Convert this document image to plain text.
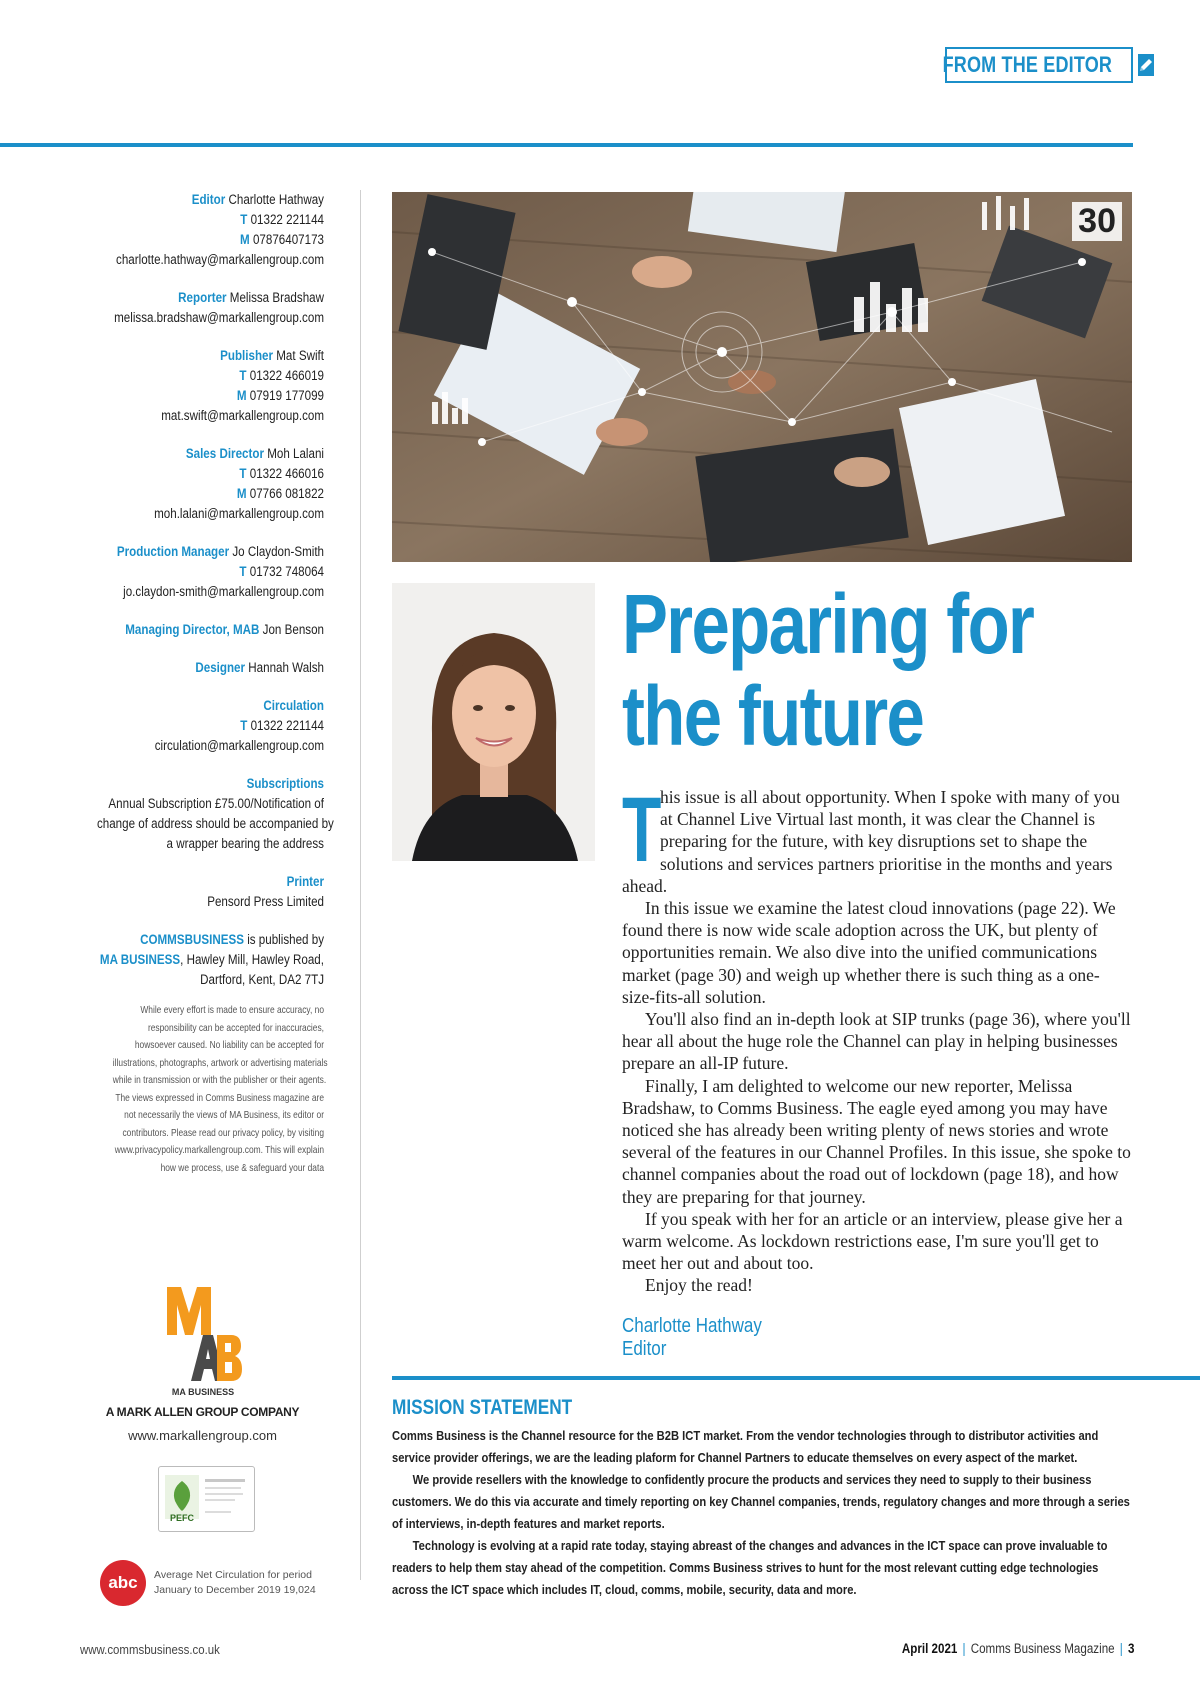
FROM THE EDITOR
Editor Charlotte Hathway
T 01322 221144
M 07876407173
charlotte.hathway@markallengroup.com
Reporter Melissa Bradshaw
melissa.bradshaw@markallengroup.com
Publisher Mat Swift
T 01322 466019
M 07919 177099
mat.swift@markallengroup.com
Sales Director Moh Lalani
T 01322 466016
M 07766 081822
moh.lalani@markallengroup.com
Production Manager Jo Claydon-Smith
T 01732 748064
jo.claydon-smith@markallengroup.com
Managing Director, MAB Jon Benson
Designer Hannah Walsh
Circulation
T 01322 221144
circulation@markallengroup.com
Subscriptions
Annual Subscription £75.00/Notification of
change of address should be accompanied by
a wrapper bearing the address
Printer
Pensord Press Limited
COMMSBUSINESS is published by
MA BUSINESS, Hawley Mill, Hawley Road,
Dartford, Kent, DA2 7TJ
While every effort is made to ensure accuracy, no
responsibility can be accepted for inaccuracies,
howsoever caused. No liability can be accepted for
illustrations, photographs, artwork or advertising materials
while in transmission or with the publisher or their agents.
The views expressed in Comms Business magazine are
not necessarily the views of MA Business, its editor or
contributors. Please read our privacy policy, by visiting
www.privacypolicy.markallengroup.com. This will explain
how we process, use & safeguard your data
MA BUSINESS
A MARK ALLEN GROUP COMPANY
www.markallengroup.com
PEFC
abc	Average Net Circulation for period
January to December 2019 19,024
30
Preparing for
the future

T
his issue is all about opportunity. When I spoke with many of you at Channel Live Virtual last month, it was clear the Channel is preparing for the future, with key disruptions set to shape the solutions and services partners prioritise in the months and years ahead.

In this issue we examine the latest cloud innovations (page 22). We found there is now wide scale adoption across the UK, but plenty of opportunities remain. We also dive into the unified communications market (page 30) and weigh up whether there is such thing as a one-size-fits-all solution.

You'll also find an in-depth look at SIP trunks (page 36), where you'll hear all about the huge role the Channel can play in helping businesses prepare an all-IP future.

Finally, I am delighted to welcome our new reporter, Melissa Bradshaw, to Comms Business. The eagle eyed among you may have noticed she has already been writing plenty of news stories and wrote several of the features in our Channel Profiles. In this issue, she spoke to channel companies about the road out of lockdown (page 18), and how they are preparing for that journey.

If you speak with her for an article or an interview, please give her a warm welcome. As lockdown restrictions ease, I'm sure you'll get to meet her out and about too.

Enjoy the read!

Charlotte Hathway
Editor
MISSION STATEMENT

Comms Business is the Channel resource for the B2B ICT market. From the vendor technologies through to distributor activities and service provider offerings, we are the leading plaform for Channel Partners to educate themselves on every aspect of the market.

We provide resellers with the knowledge to confidently procure the products and services they need to supply to their business customers. We do this via accurate and timely reporting on key Channel companies, trends, regulatory changes and more through a series of interviews, in-depth features and market reports.

Technology is evolving at a rapid rate today, staying abreast of the changes and advances in the ICT space can prove invaluable to readers to help them stay ahead of the competition. Comms Business strives to hunt for the most relevant cutting edge technologies across the ICT space which includes IT, cloud, comms, mobile, security, data and more.

www.commsbusiness.co.uk	April 2021 | Comms Business Magazine | 3
